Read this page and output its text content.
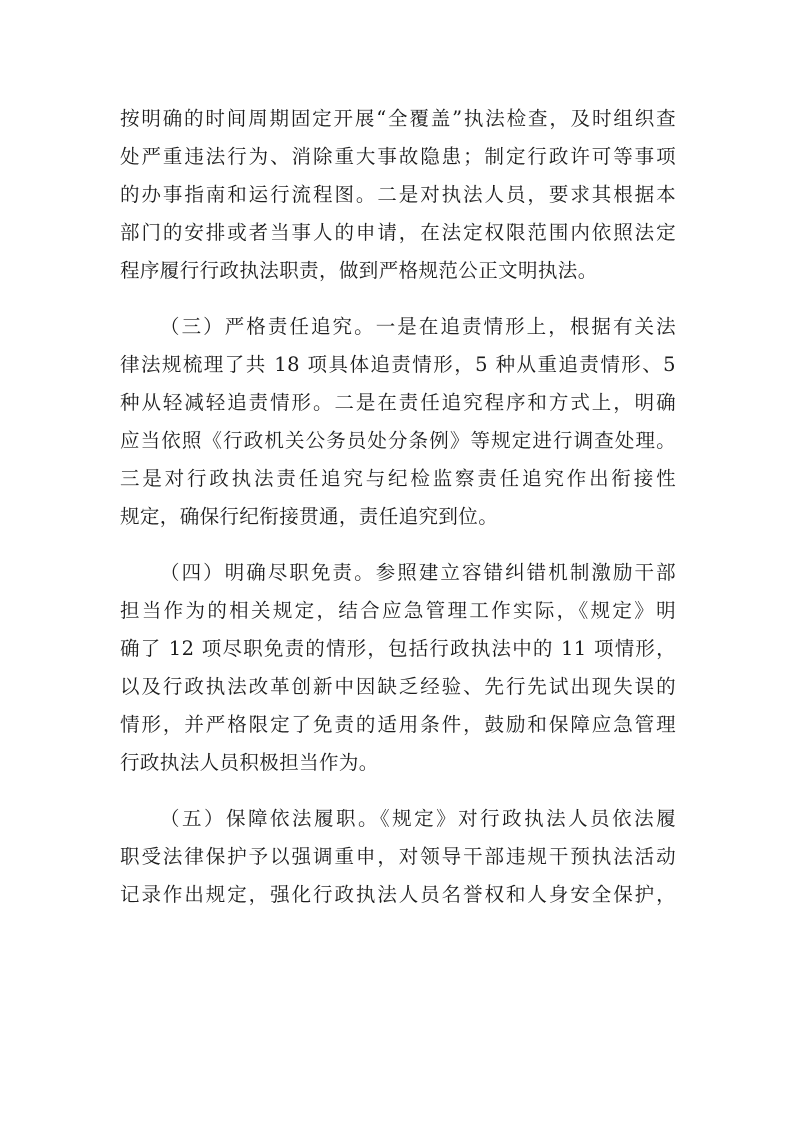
按明确的时间周期固定开展“全覆盖”执法检查，及时组织查
处严重违法行为、消除重大事故隐患；制定行政许可等事项
的办事指南和运行流程图。二是对执法人员，要求其根据本
部门的安排或者当事人的申请，在法定权限范围内依照法定
程序履行行政执法职责，做到严格规范公正文明执法。
（三）严格责任追究。一是在追责情形上，根据有关法
律法规梳理了共 18 项具体追责情形，5 种从重追责情形、5
种从轻减轻追责情形。二是在责任追究程序和方式上，明确
应当依照《行政机关公务员处分条例》等规定进行调查处理。
三是对行政执法责任追究与纪检监察责任追究作出衔接性
规定，确保行纪衔接贯通，责任追究到位。
（四）明确尽职免责。参照建立容错纠错机制激励干部
担当作为的相关规定，结合应急管理工作实际，《规定》明
确了 12 项尽职免责的情形，包括行政执法中的 11 项情形，
以及行政执法改革创新中因缺乏经验、先行先试出现失误的
情形，并严格限定了免责的适用条件，鼓励和保障应急管理
行政执法人员积极担当作为。
（五）保障依法履职。《规定》对行政执法人员依法履
职受法律保护予以强调重申，对领导干部违规干预执法活动
记录作出规定，强化行政执法人员名誉权和人身安全保护，
